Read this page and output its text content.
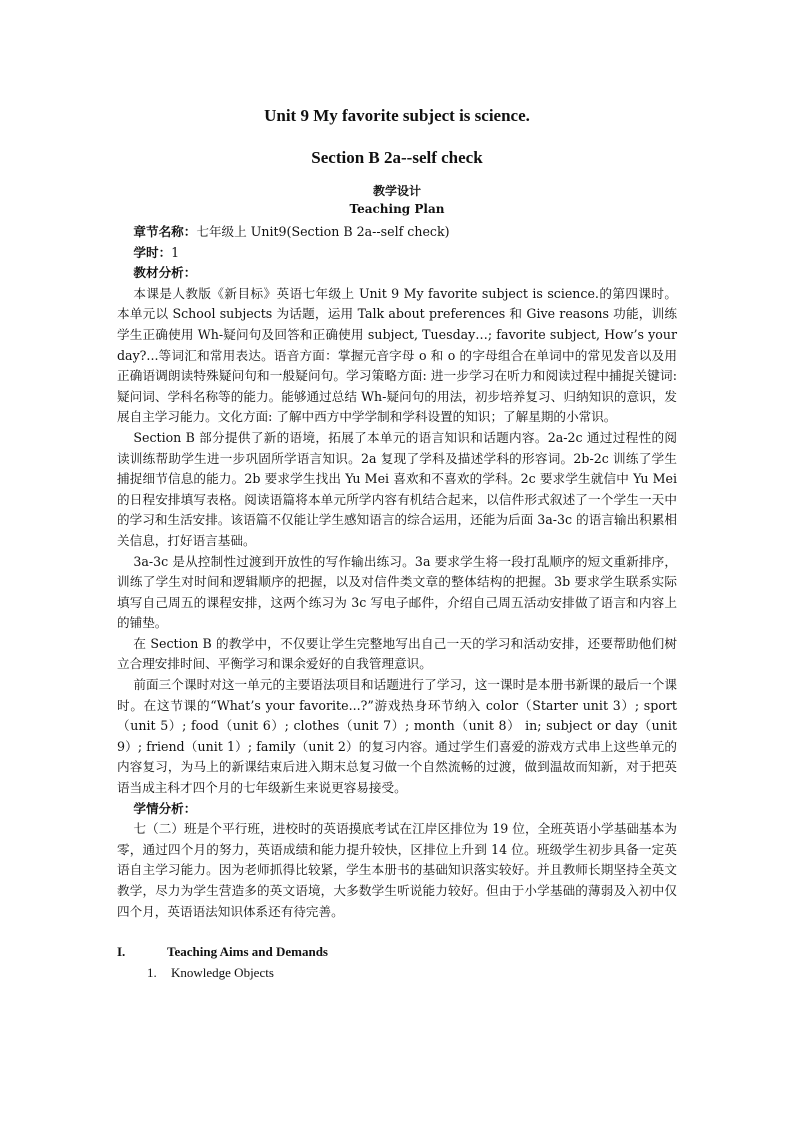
Unit 9 My favorite subject is science.
Section B 2a--self check
教学设计
Teaching Plan

章节名称：七年级上 Unit9(Section B 2a--self check)

学时：1

教材分析：

本课是人教版《新目标》英语七年级上 Unit 9 My favorite subject is science.的第四课时。本单元以 School subjects 为话题，运用 Talk about preferences 和 Give reasons 功能，训练学生正确使用 Wh-疑问句及回答和正确使用 subject, Tuesday…; favorite subject, How’s your day?...等词汇和常用表达。语音方面：掌握元音字母 o 和 o 的字母组合在单词中的常见发音以及用正确语调朗读特殊疑问句和一般疑问句。学习策略方面: 进一步学习在听力和阅读过程中捕捉关键词: 疑问词、学科名称等的能力。能够通过总结 Wh-疑问句的用法，初步培养复习、归纳知识的意识，发展自主学习能力。文化方面: 了解中西方中学学制和学科设置的知识；了解星期的小常识。

Section B 部分提供了新的语境，拓展了本单元的语言知识和话题内容。2a-2c 通过过程性的阅读训练帮助学生进一步巩固所学语言知识。2a 复现了学科及描述学科的形容词。2b-2c 训练了学生捕捉细节信息的能力。2b 要求学生找出 Yu Mei 喜欢和不喜欢的学科。2c 要求学生就信中 Yu Mei 的日程安排填写表格。阅读语篇将本单元所学内容有机结合起来，以信件形式叙述了一个学生一天中的学习和生活安排。该语篇不仅能让学生感知语言的综合运用，还能为后面 3a-3c 的语言输出积累相关信息，打好语言基础。

3a-3c 是从控制性过渡到开放性的写作输出练习。3a 要求学生将一段打乱顺序的短文重新排序，训练了学生对时间和逻辑顺序的把握，以及对信件类文章的整体结构的把握。3b 要求学生联系实际填写自己周五的课程安排，这两个练习为 3c 写电子邮件，介绍自己周五活动安排做了语言和内容上的铺垫。

在 Section B 的教学中，不仅要让学生完整地写出自己一天的学习和活动安排，还要帮助他们树立合理安排时间、平衡学习和课余爱好的自我管理意识。

前面三个课时对这一单元的主要语法项目和话题进行了学习，这一课时是本册书新课的最后一个课时。在这节课的“What’s your favorite...?”游戏热身环节纳入 color（Starter unit 3）; sport（unit 5）; food（unit 6）; clothes（unit 7）; month（unit 8） in; subject or day（unit 9）; friend（unit 1）; family（unit 2）的复习内容。通过学生们喜爱的游戏方式串上这些单元的内容复习，为马上的新课结束后进入期末总复习做一个自然流畅的过渡，做到温故而知新，对于把英语当成主科才四个月的七年级新生来说更容易接受。

学情分析：

七（二）班是个平行班，进校时的英语摸底考试在江岸区排位为 19 位，全班英语小学基础基本为零，通过四个月的努力，英语成绩和能力提升较快，区排位上升到 14 位。班级学生初步具备一定英语自主学习能力。因为老师抓得比较紧，学生本册书的基础知识落实较好。并且教师长期坚持全英文教学，尽力为学生营造多的英文语境，大多数学生听说能力较好。但由于小学基础的薄弱及入初中仅四个月，英语语法知识体系还有待完善。

I.	Teaching Aims and Demands
1.	Knowledge Objects
